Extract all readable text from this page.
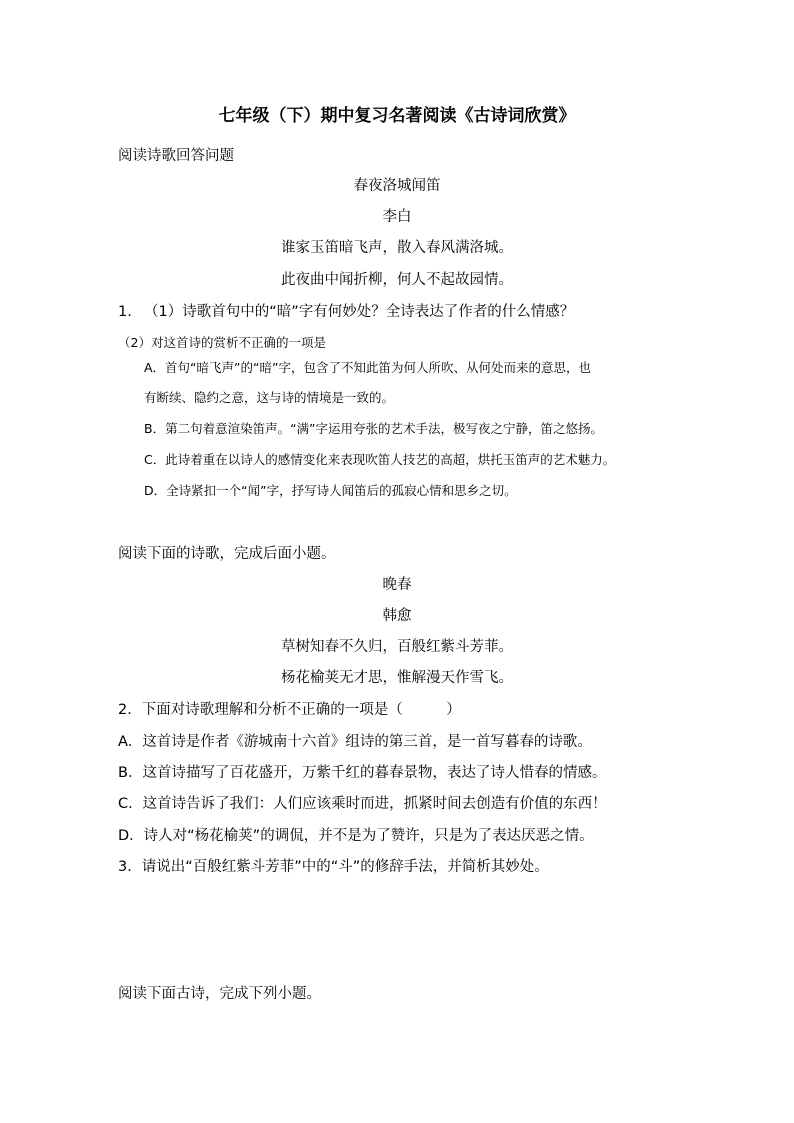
七年级（下）期中复习名著阅读《古诗词欣赏》
阅读诗歌回答问题
春夜洛城闻笛
李白
谁家玉笛暗飞声，散入春风满洛城。
此夜曲中闻折柳，何人不起故园情。
1. （1）诗歌首句中的“暗”字有何妙处？全诗表达了作者的什么情感？
（2）对这首诗的赏析不正确的一项是
A．首句“暗飞声”的“暗”字，包含了不知此笛为何人所吹、从何处而来的意思，也
有断续、隐约之意，这与诗的情境是一致的。
B．第二句着意渲染笛声。“满”字运用夸张的艺术手法，极写夜之宁静，笛之悠扬。
C．此诗着重在以诗人的感情变化来表现吹笛人技艺的高超，烘托玉笛声的艺术魅力。
D．全诗紧扣一个“闻”字，抒写诗人闻笛后的孤寂心情和思乡之切。
阅读下面的诗歌，完成后面小题。
晚春
韩愈
草树知春不久归，百般红紫斗芳菲。
杨花榆荚无才思，惟解漫天作雪飞。
2．下面对诗歌理解和分析不正确的一项是（　　　）
A．这首诗是作者《游城南十六首》组诗的第三首，是一首写暮春的诗歌。
B．这首诗描写了百花盛开，万紫千红的暮春景物，表达了诗人惜春的情感。
C．这首诗告诉了我们：人们应该乘时而进，抓紧时间去创造有价值的东西！
D．诗人对“杨花榆荚”的调侃，并不是为了赞许，只是为了表达厌恶之情。
3．请说出“百般红紫斗芳菲”中的“斗”的修辞手法，并简析其妙处。
阅读下面古诗，完成下列小题。
